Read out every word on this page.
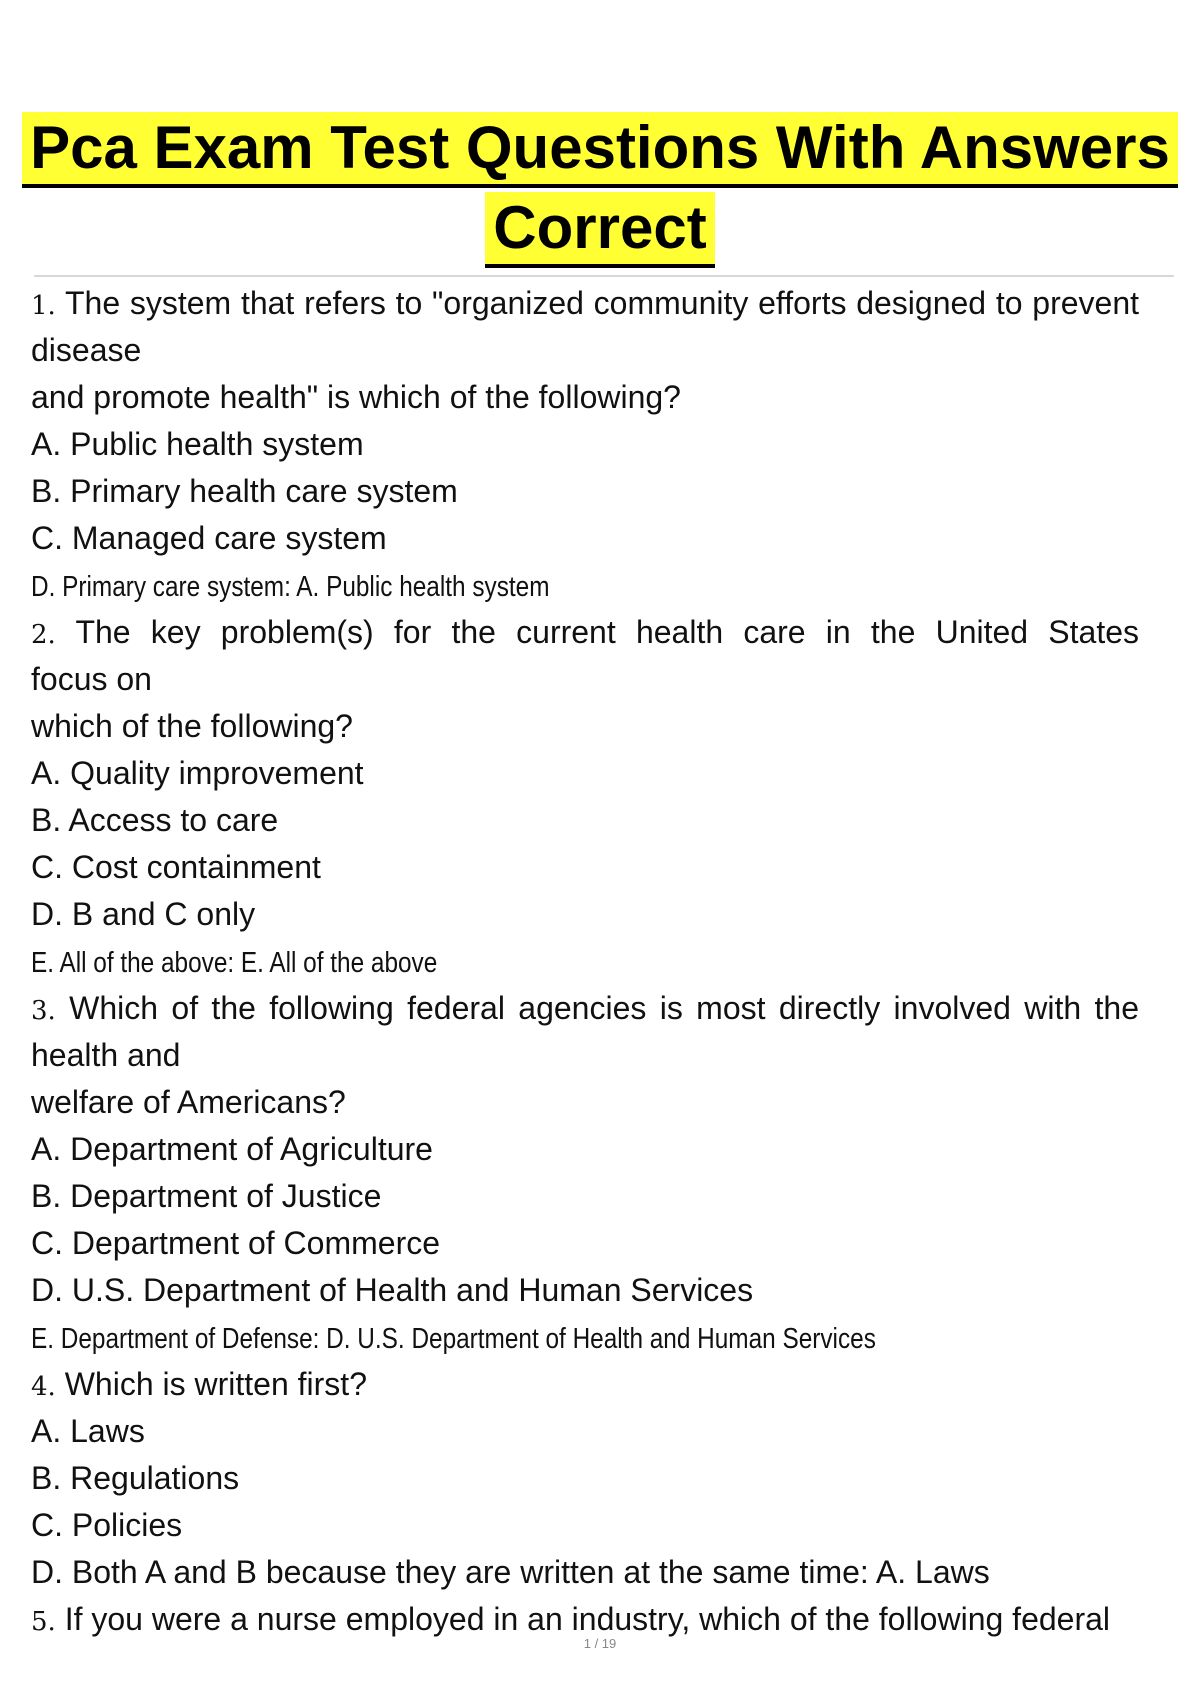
Pca Exam Test Questions With Answers
Correct

1. The system that refers to "organized community efforts designed to prevent

disease

and promote health" is which of the following?

A. Public health system

B. Primary health care system

C. Managed care system

D. Primary care system: A. Public health system

2. The key problem(s) for the current health care in the United States

focus on

which of the following?

A. Quality improvement

B. Access to care

C. Cost containment

D. B and C only

E. All of the above: E. All of the above

3. Which of the following federal agencies is most directly involved with the

health and

welfare of Americans?

A. Department of Agriculture

B. Department of Justice

C. Department of Commerce

D. U.S. Department of Health and Human Services

E. Department of Defense: D. U.S. Department of Health and Human Services

4. Which is written first?

A. Laws

B. Regulations

C. Policies

D. Both A and B because they are written at the same time: A. Laws

5. If you were a nurse employed in an industry, which of the following federal

1 / 19
